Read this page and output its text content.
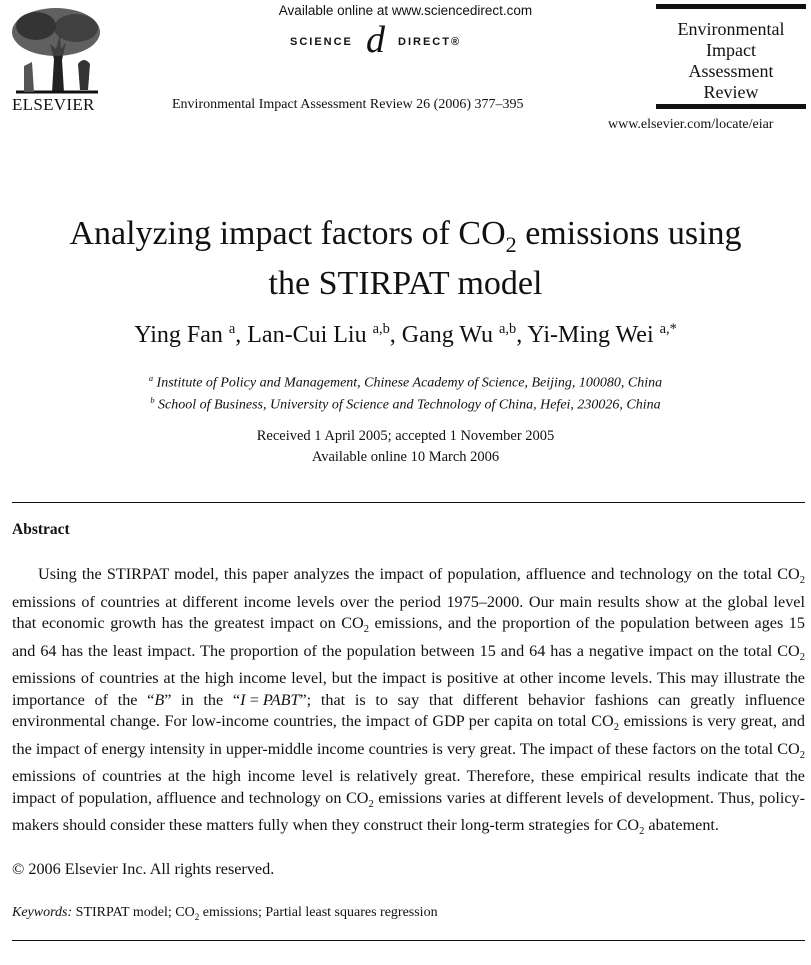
ELSEVIER
Available online at www.sciencedirect.com
SCIENCE d DIRECT®
Environmental Impact Assessment Review 26 (2006) 377–395
Environmental
Impact
Assessment
Review
www.elsevier.com/locate/eiar
Analyzing impact factors of $CO_2$ emissions using
the STIRPAT model
Ying Fan $^a$, Lan-Cui Liu $^{a,b}$, Gang Wu $^{a,b}$, Yi-Ming Wei $^{a,*}$
$^a$ Institute of Policy and Management, Chinese Academy of Science, Beijing, 100080, China
$^b$ School of Business, University of Science and Technology of China, Hefei, 230026, China
Received 1 April 2005; accepted 1 November 2005
Available online 10 March 2006
Abstract
Using the STIRPAT model, this paper analyzes the impact of population, affluence and technology on the total $CO_2$ emissions of countries at different income levels over the period 1975–2000. Our main results show at the global level that economic growth has the greatest impact on $CO_2$ emissions, and the proportion of the population between ages 15 and 64 has the least impact. The proportion of the population between 15 and 64 has a negative impact on the total $CO_2$ emissions of countries at the high income level, but the impact is positive at other income levels. This may illustrate the importance of the “B” in the “I = PABT”; that is to say that different behavior fashions can greatly influence environmental change. For low-income countries, the impact of GDP per capita on total $CO_2$ emissions is very great, and the impact of energy intensity in upper-middle income countries is very great. The impact of these factors on the total $CO_2$ emissions of countries at the high income level is relatively great. Therefore, these empirical results indicate that the impact of population, affluence and technology on $CO_2$ emissions varies at different levels of development. Thus, policy-makers should consider these matters fully when they construct their long-term strategies for $CO_2$ abatement.
© 2006 Elsevier Inc. All rights reserved.
Keywords: STIRPAT model; $CO_2$ emissions; Partial least squares regression
